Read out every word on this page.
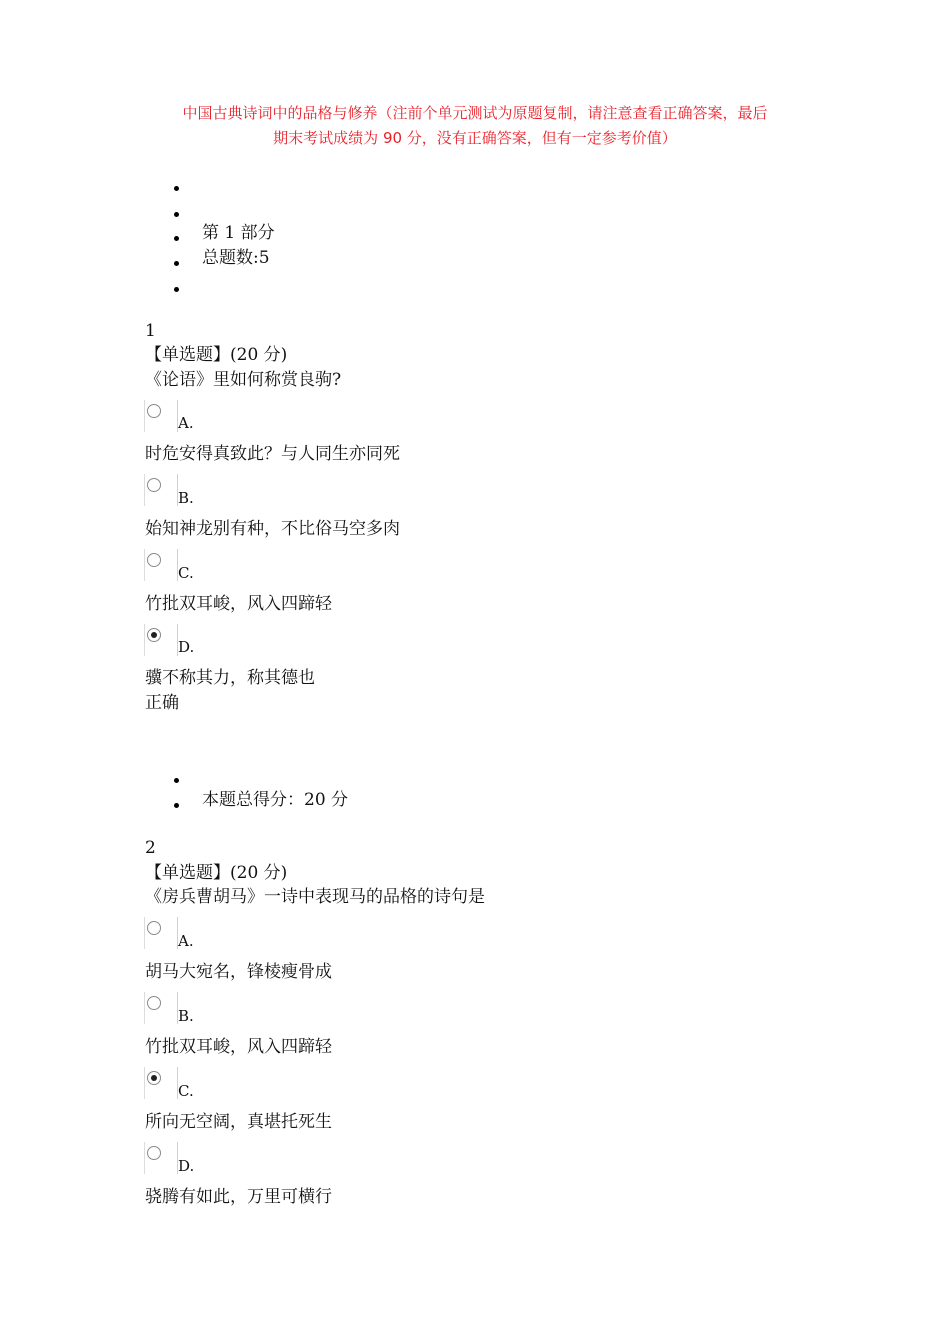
中国古典诗词中的品格与修养（注前个单元测试为原题复制，请注意查看正确答案，最后
期末考试成绩为 90 分，没有正确答案，但有一定参考价值）
第 1 部分
总题数:5
1
【单选题】(20 分)
《论语》里如何称赏良驹?
A.
时危安得真致此？与人同生亦同死
B.
始知神龙别有种，不比俗马空多肉
C.
竹批双耳峻，风入四蹄轻
D.
骥不称其力，称其德也
正确
本题总得分：20 分
2
【单选题】(20 分)
《房兵曹胡马》一诗中表现马的品格的诗句是
A.
胡马大宛名，锋棱瘦骨成
B.
竹批双耳峻，风入四蹄轻
C.
所向无空阔，真堪托死生
D.
骁腾有如此，万里可横行
